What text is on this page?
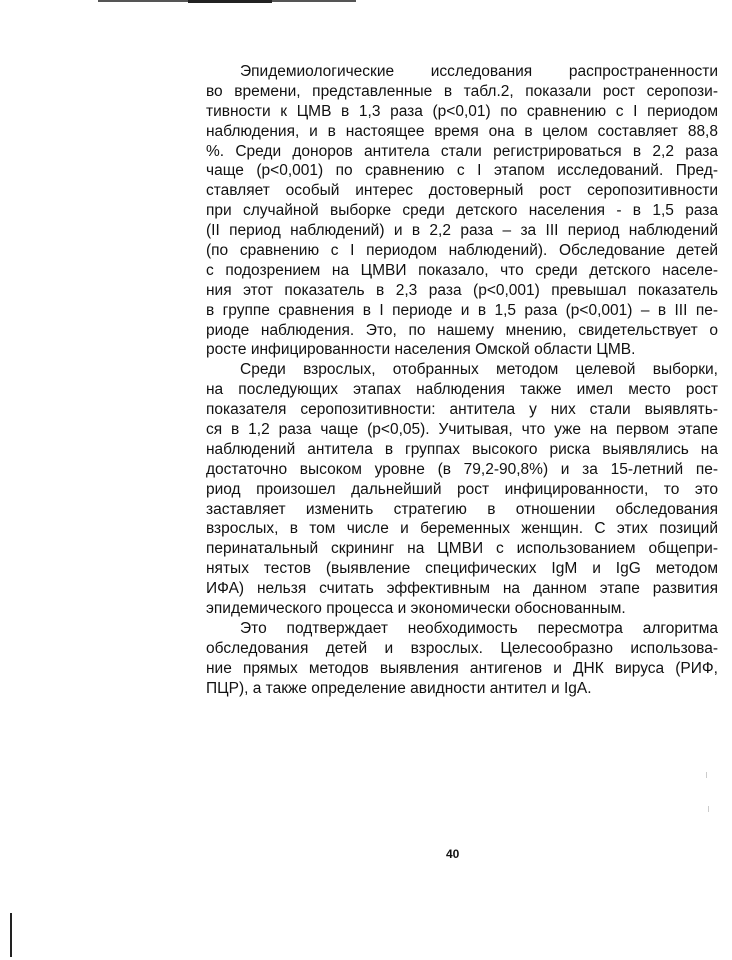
Эпидемиологические исследования распространенности
во времени, представленные в табл.2, показали рост серопози-
тивности к ЦМВ в 1,3 раза (р<0,01) по сравнению с I периодом
наблюдения, и в настоящее время она в целом составляет 88,8
%. Среди доноров антитела стали регистрироваться в 2,2 раза
чаще (р<0,001) по сравнению с I этапом исследований. Пред-
ставляет особый интерес достоверный рост серопозитивности
при случайной выборке среди детского населения - в 1,5 раза
(II период наблюдений) и в 2,2 раза – за III период наблюдений
(по сравнению с I периодом наблюдений). Обследование детей
с подозрением на ЦМВИ показало, что среди детского населе-
ния этот показатель в 2,3 раза (р<0,001) превышал показатель
в группе сравнения в I периоде и в 1,5 раза (р<0,001) – в III пе-
риоде наблюдения. Это, по нашему мнению, свидетельствует о
росте инфицированности населения Омской области ЦМВ.
Среди взрослых, отобранных методом целевой выборки,
на последующих этапах наблюдения также имел место рост
показателя серопозитивности: антитела у них стали выявлять-
ся в 1,2 раза чаще (р<0,05). Учитывая, что уже на первом этапе
наблюдений антитела в группах высокого риска выявлялись на
достаточно высоком уровне (в 79,2-90,8%) и за 15-летний пе-
риод произошел дальнейший рост инфицированности, то это
заставляет изменить стратегию в отношении обследования
взрослых, в том числе и беременных женщин. С этих позиций
перинатальный скрининг на ЦМВИ с использованием общепри-
нятых тестов (выявление специфических IgM и IgG методом
ИФА) нельзя считать эффективным на данном этапе развития
эпидемического процесса и экономически обоснованным.
Это подтверждает необходимость пересмотра алгоритма
обследования детей и взрослых. Целесообразно использова-
ние прямых методов выявления антигенов и ДНК вируса (РИФ,
ПЦР), а также определение авидности антител и IgA.
40
